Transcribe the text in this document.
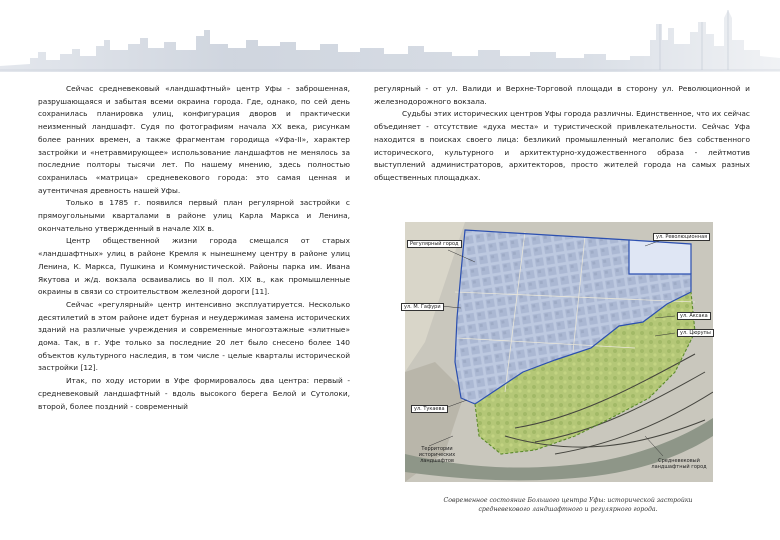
Сейчас средневековый «ландшафтный» центр Уфы - заброшенная, разрушающаяся и забытая всеми окраина города. Где, однако, по сей день сохранилась планировка улиц, конфигурация дворов и практически неизменный ландшафт. Судя по фотографиям начала XX века, рисункам более ранних времен, а также фрагментам городища «Уфа-II», характер застройки и «нетравмирующее» использование ландшафтов не менялось за последние полторы тысячи лет. По нашему мнению, здесь полностью сохранилась «матрица» средневекового города: это самая ценная и аутентичная древность нашей Уфы.

Только в 1785 г. появился первый план регулярной застройки с прямоугольными кварталами в районе улиц Карла Маркса и Ленина, окончательно утвержденный в начале XIX в.

Центр общественной жизни города смещался от старых «ландшафтных» улиц в районе Кремля к нынешнему центру в районе улиц Ленина, К. Маркса, Пушкина и Коммунистической. Районы парка им. Ивана Якутова и ж/д. вокзала осваивались во II пол. XIX в., как промышленные окраины в связи со строительством железной дороги [11].

Сейчас «регулярный» центр интенсивно эксплуатируется. Несколько десятилетий в этом районе идет бурная и неудержимая замена исторических зданий на различные учреждения и современные многоэтажные «элитные» дома. Так, в г. Уфе только за последние 20 лет было снесено более 140 объектов культурного наследия, в том числе - целые кварталы исторической застройки [12].

Итак, по ходу истории в Уфе формировалось два центра: первый - средневековый ландшафтный - вдоль высокого берега Белой и Сутолоки, второй, более поздний - современный

регулярный - от ул. Валиди и Верхне-Торговой площади в сторону ул. Революционной и железнодорожного вокзала.

Судьбы этих исторических центров Уфы города различны. Единственное, что их сейчас объединяет - отсутствие «духа места» и туристической привлекательности. Сейчас Уфа находится в поисках своего лица: безликий промышленный мегаполис без собственного исторического, культурного и архитектурно-художественного образа - лейтмотив выступлений администраторов, архитекторов, просто жителей города на самых разных общественных площадках.

Регулярный город
ул. Революционная
ул. М. Гафури
ул. Аксака
ул. Цюрупы
ул. Тукаева
Территории исторических ландшафтов	Средневековый ландшафтный город
Современное состояние Большого центра Уфы: исторической застройки средневекового ландшафтного и регулярного города.
